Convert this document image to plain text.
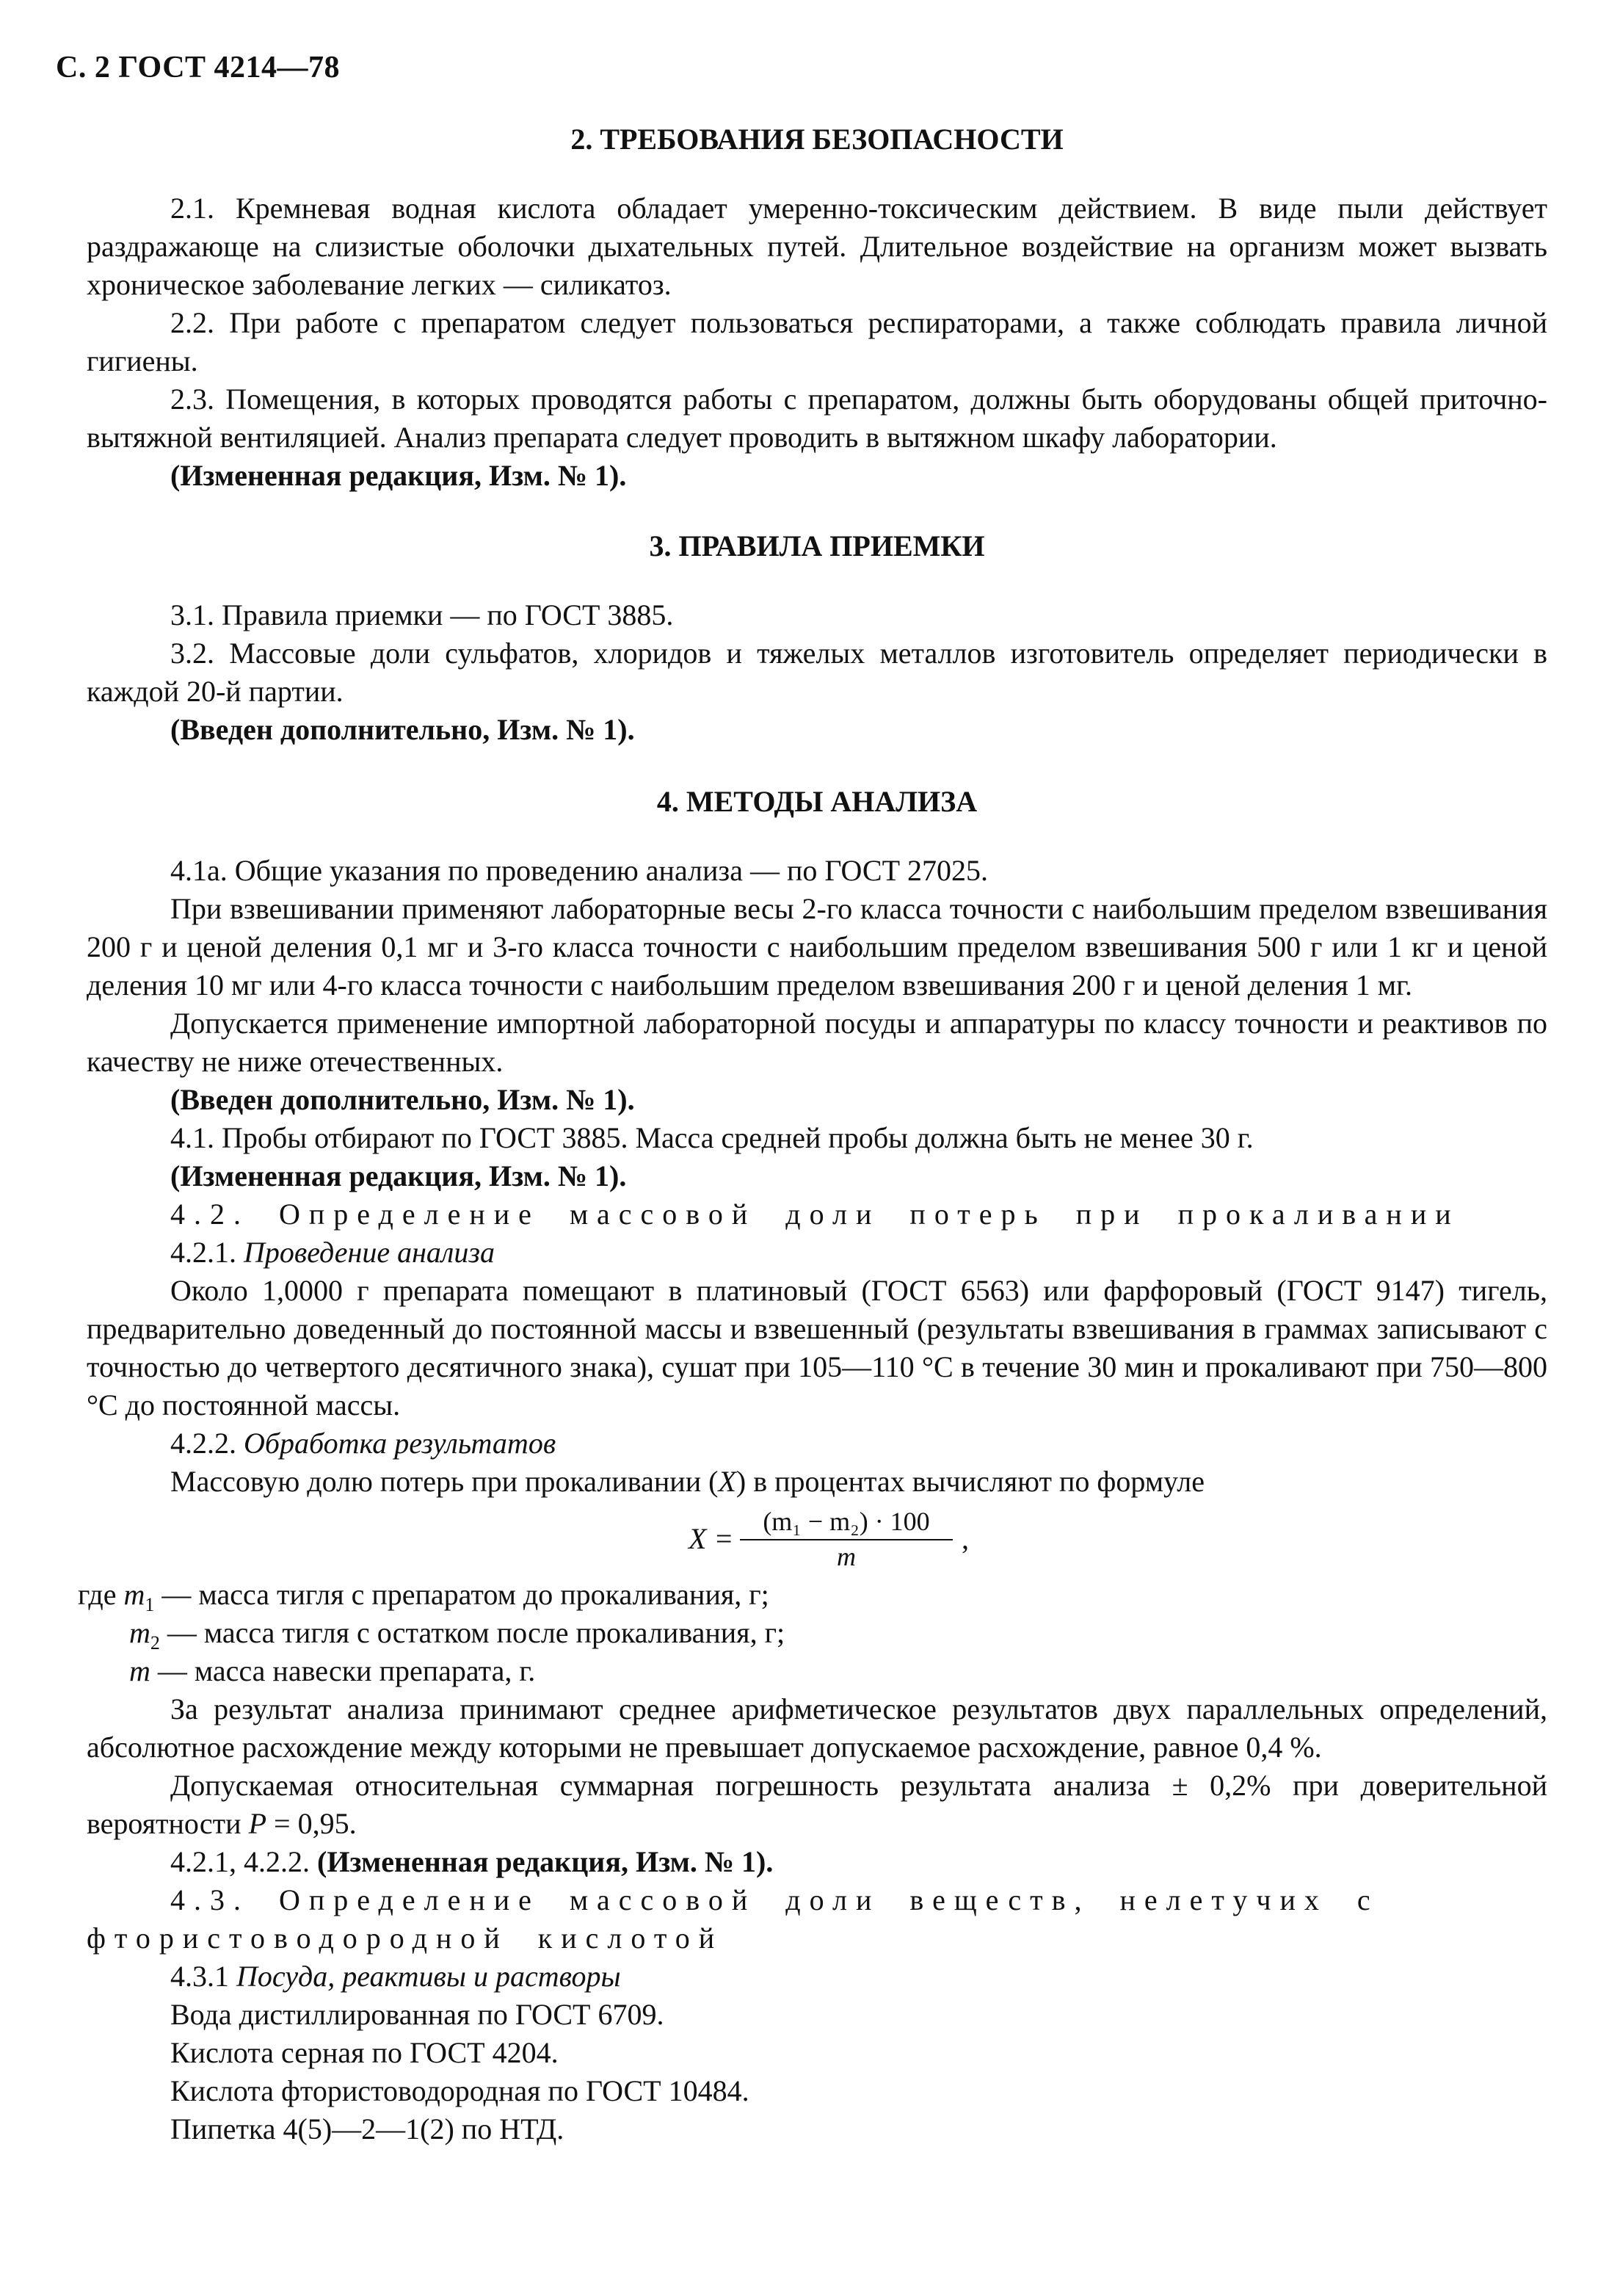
С. 2 ГОСТ 4214—78
2. ТРЕБОВАНИЯ БЕЗОПАСНОСТИ

2.1. Кремневая водная кислота обладает умеренно-токсическим действием. В виде пыли действует раздражающе на слизистые оболочки дыхательных путей. Длительное воздействие на организм может вызвать хроническое заболевание легких — силикатоз.

2.2. При работе с препаратом следует пользоваться респираторами, а также соблюдать правила личной гигиены.

2.3. Помещения, в которых проводятся работы с препаратом, должны быть оборудованы общей приточно-вытяжной вентиляцией. Анализ препарата следует проводить в вытяжном шкафу лаборатории.

(Измененная редакция, Изм. № 1).

3. ПРАВИЛА ПРИЕМКИ

3.1. Правила приемки — по ГОСТ 3885.

3.2. Массовые доли сульфатов, хлоридов и тяжелых металлов изготовитель определяет периодически в каждой 20-й партии.

(Введен дополнительно, Изм. № 1).

4. МЕТОДЫ АНАЛИЗА

4.1а. Общие указания по проведению анализа — по ГОСТ 27025.

При взвешивании применяют лабораторные весы 2-го класса точности с наибольшим пределом взвешивания 200 г и ценой деления 0,1 мг и 3-го класса точности с наибольшим пределом взвешивания 500 г или 1 кг и ценой деления 10 мг или 4-го класса точности с наибольшим пределом взвешивания 200 г и ценой деления 1 мг.

Допускается применение импортной лабораторной посуды и аппаратуры по классу точности и реактивов по качеству не ниже отечественных.

(Введен дополнительно, Изм. № 1).

4.1. Пробы отбирают по ГОСТ 3885. Масса средней пробы должна быть не менее 30 г.

(Измененная редакция, Изм. № 1).

4.2. Определение массовой доли потерь при прокаливании

4.2.1. Проведение анализа

Около 1,0000 г препарата помещают в платиновый (ГОСТ 6563) или фарфоровый (ГОСТ 9147) тигель, предварительно доведенный до постоянной массы и взвешенный (результаты взвешивания в граммах записывают с точностью до четвертого десятичного знака), сушат при 105—110 °С в течение 30 мин и прокаливают при 750—800 °С до постоянной массы.

4.2.2. Обработка результатов

Массовую долю потерь при прокаливании (X) в процентах вычисляют по формуле

$X = \frac{\text{(m₁ − m₂) · 100}}{m}$ ,
где $m_1$ — масса тигля с препаратом до прокаливания, г;
$m_2$ — масса тигля с остатком после прокаливания, г;
m — масса навески препарата, г.

За результат анализа принимают среднее арифметическое результатов двух параллельных определений, абсолютное расхождение между которыми не превышает допускаемое расхождение, равное 0,4 %.

Допускаемая относительная суммарная погрешность результата анализа ± 0,2% при доверительной вероятности P = 0,95.

4.2.1, 4.2.2. (Измененная редакция, Изм. № 1).

4.3. Определение массовой доли веществ, нелетучих с фтористоводородной кислотой

4.3.1 Посуда, реактивы и растворы

Вода дистиллированная по ГОСТ 6709.

Кислота серная по ГОСТ 4204.

Кислота фтористоводородная по ГОСТ 10484.

Пипетка 4(5)—2—1(2) по НТД.
